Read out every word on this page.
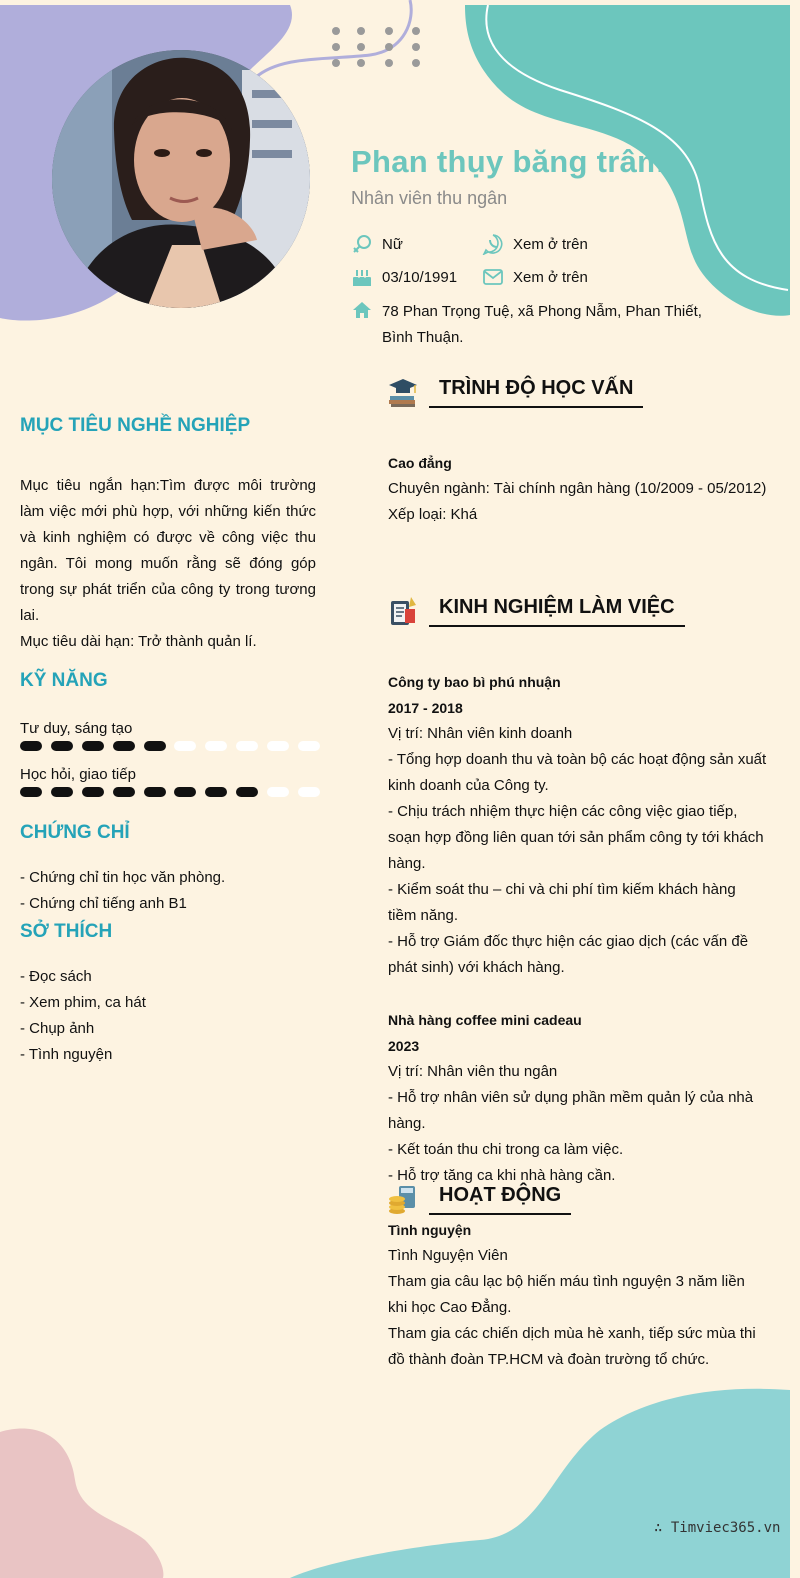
Phan thụy băng trâm
Nhân viên thu ngân
Nữ	Xem ở trên
03/10/1991	Xem ở trên
78 Phan Trọng Tuệ, xã Phong Nẫm, Phan Thiết, Bình Thuận.
MỤC TIÊU NGHỀ NGHIỆP

Mục tiêu ngắn hạn:Tìm được môi trường làm việc mới phù hợp, với những kiến thức và kinh nghiệm có được về công việc thu ngân. Tôi mong muốn rằng sẽ đóng góp trong sự phát triển của công ty trong tương lai.

Mục tiêu dài hạn: Trở thành quản lí.

KỸ NĂNG
Tư duy, sáng tạo
Học hỏi, giao tiếp
CHỨNG CHỈ
- Chứng chỉ tin học văn phòng.
- Chứng chỉ tiếng anh B1
SỞ THÍCH
- Đọc sách
- Xem phim, ca hát
- Chụp ảnh
- Tình nguyện
TRÌNH ĐỘ HỌC VẤN
Cao đẳng
Chuyên ngành: Tài chính ngân hàng (10/2009 - 05/2012)
Xếp loại: Khá
KINH NGHIỆM LÀM VIỆC
Công ty bao bì phú nhuận
2017 - 2018
Vị trí: Nhân viên kinh doanh
- Tổng hợp doanh thu và toàn bộ các hoạt động sản xuất kinh doanh của Công ty.
- Chịu trách nhiệm thực hiện các công việc giao tiếp, soạn hợp đồng liên quan tới sản phẩm công ty tới khách hàng.
- Kiểm soát thu – chi và chi phí tìm kiếm khách hàng tiềm năng.
- Hỗ trợ Giám đốc thực hiện các giao dịch (các vấn đề phát sinh) với khách hàng.
Nhà hàng coffee mini cadeau
2023
Vị trí: Nhân viên thu ngân
- Hỗ trợ nhân viên sử dụng phần mềm quản lý của nhà hàng.
- Kết toán thu chi trong ca làm việc.
- Hỗ trợ tăng ca khi nhà hàng cần.
HOẠT ĐỘNG
Tình nguyện
Tình Nguyện Viên
Tham gia câu lạc bộ hiến máu tình nguyện 3 năm liền khi học Cao Đẳng.
Tham gia các chiến dịch mùa hè xanh, tiếp sức mùa thi đồ thành đoàn TP.HCM và đoàn trường tổ chức.
∴ Timviec365.vn
